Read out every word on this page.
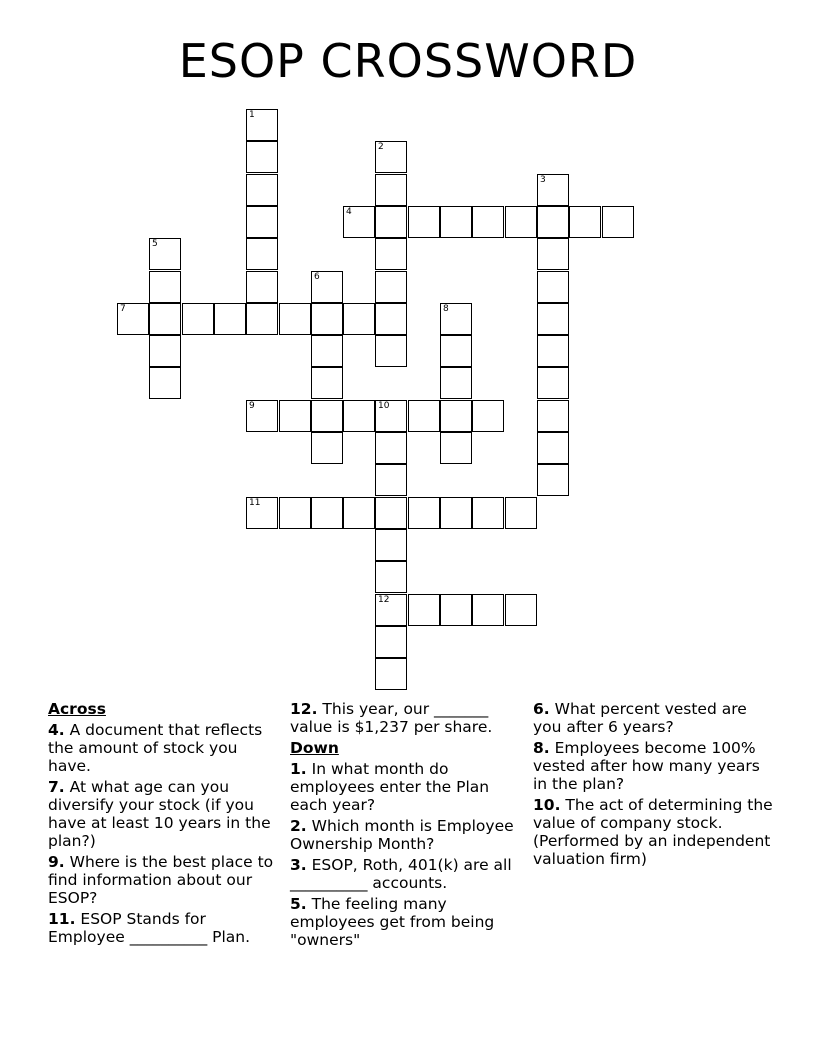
ESOP CROSSWORD
1
2
3
4
5
6
7	8
9	10
12
11
Across
4. A document that reflects the amount of stock you have.
7. At what age can you diversify your stock (if you have at least 10 years in the plan?)
9. Where is the best place to find information about our ESOP?
11. ESOP Stands for Employee __________ Plan.
12. This year, our _______ value is $1,237 per share.
Down
1. In what month do employees enter the Plan each year?
2. Which month is Employee Ownership Month?
3. ESOP, Roth, 401(k) are all __________ accounts.
5. The feeling many employees get from being "owners"
6. What percent vested are you after 6 years?
8. Employees become 100% vested after how many years in the plan?
10. The act of determining the value of company stock. (Performed by an independent valuation firm)
